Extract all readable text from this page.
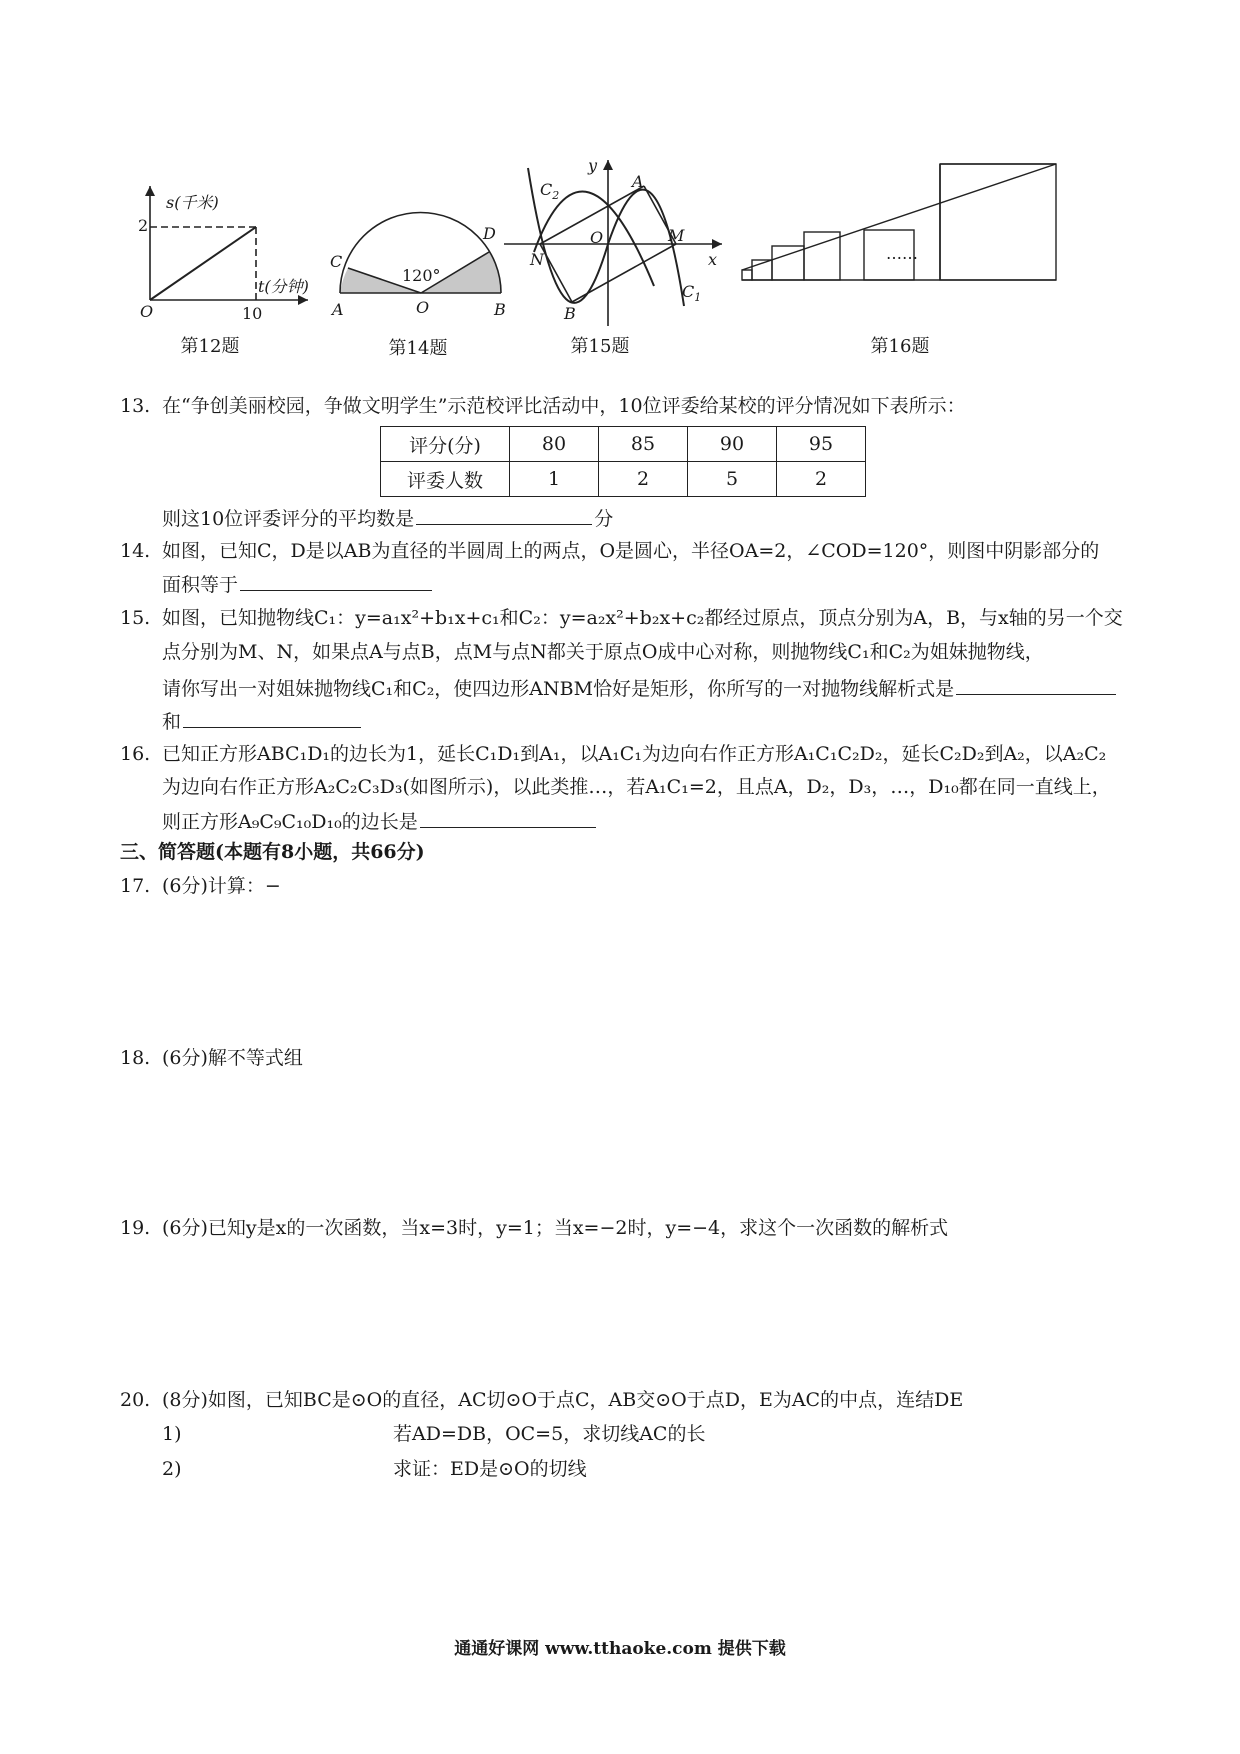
s(千米)
2
t(分钟)
10
O
第12题
C
D
A	O	B
120°
第14题
y
x
A
O	M
N
B
$C_2$
$C_1$
第15题
……
第16题
13. 在“争创美丽校园，争做文明学生”示范校评比活动中，10位评委给某校的评分情况如下表所示：
评分(分)	80	85	90	95
评委人数	1	2	5	2
则这10位评委评分的平均数是	分
14. 如图，已知C，D是以AB为直径的半圆周上的两点，O是圆心，半径OA=2，∠COD=120°，则图中阴影部分的
面积等于
15. 如图，已知抛物线C₁：y=a₁x²+b₁x+c₁和C₂：y=a₂x²+b₂x+c₂都经过原点，顶点分别为A，B，与x轴的另一个交
点分别为M、N，如果点A与点B，点M与点N都关于原点O成中心对称，则抛物线C₁和C₂为姐妹抛物线，
请你写出一对姐妹抛物线C₁和C₂，使四边形ANBM恰好是矩形，你所写的一对抛物线解析式是
和
16. 已知正方形ABC₁D₁的边长为1，延长C₁D₁到A₁，以A₁C₁为边向右作正方形A₁C₁C₂D₂，延长C₂D₂到A₂，以A₂C₂
为边向右作正方形A₂C₂C₃D₃(如图所示)，以此类推…，若A₁C₁=2，且点A，D₂，D₃，…，D₁₀都在同一直线上，
则正方形A₉C₉C₁₀D₁₀的边长是
三、简答题(本题有8小题，共66分)
17. (6分)计算：−
18. (6分)解不等式组
19. (6分)已知y是x的一次函数，当x=3时，y=1；当x=−2时，y=−4，求这个一次函数的解析式
20. (8分)如图，已知BC是⊙O的直径，AC切⊙O于点C，AB交⊙O于点D，E为AC的中点，连结DE
1)	若AD=DB，OC=5，求切线AC的长
2)	求证：ED是⊙O的切线
通通好课网 www.tthaoke.com 提供下载
